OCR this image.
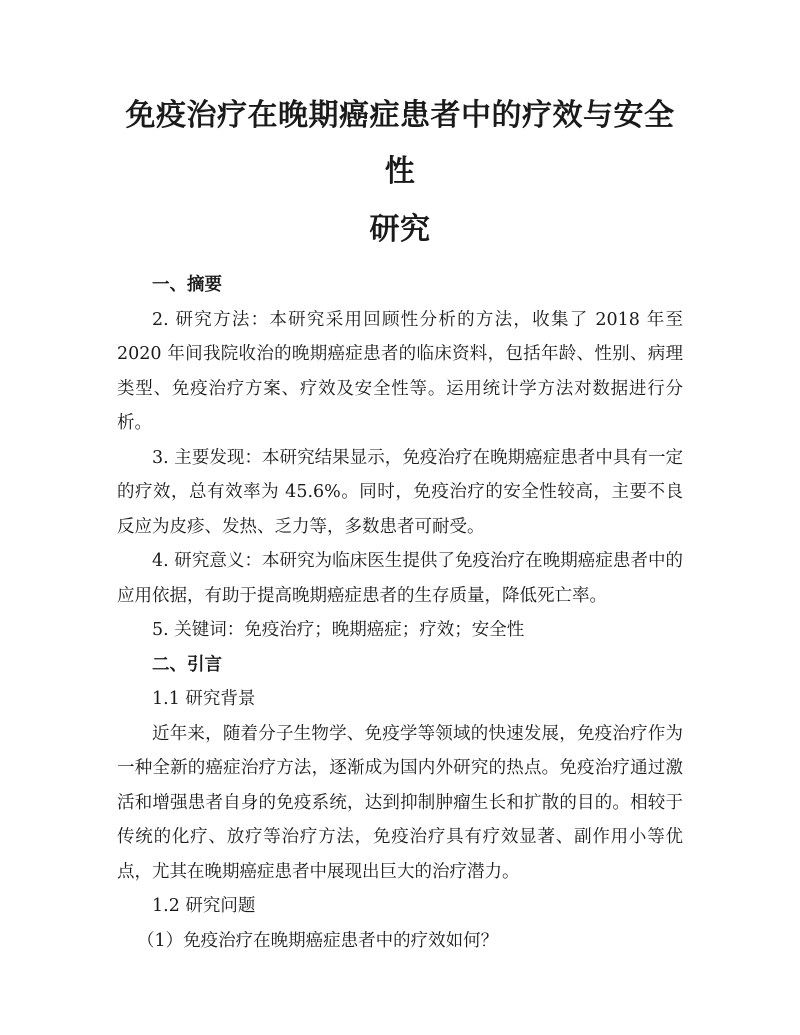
免疫治疗在晚期癌症患者中的疗效与安全性
研究

一、摘要

2. 研究方法：本研究采用回顾性分析的方法，收集了 2018 年至 2020 年间我院收治的晚期癌症患者的临床资料，包括年龄、性别、病理类型、免疫治疗方案、疗效及安全性等。运用统计学方法对数据进行分析。

3. 主要发现：本研究结果显示，免疫治疗在晚期癌症患者中具有一定的疗效，总有效率为 45.6%。同时，免疫治疗的安全性较高，主要不良反应为皮疹、发热、乏力等，多数患者可耐受。

4. 研究意义：本研究为临床医生提供了免疫治疗在晚期癌症患者中的应用依据，有助于提高晚期癌症患者的生存质量，降低死亡率。

5. 关键词：免疫治疗；晚期癌症；疗效；安全性

二、引言

1.1 研究背景

近年来，随着分子生物学、免疫学等领域的快速发展，免疫治疗作为一种全新的癌症治疗方法，逐渐成为国内外研究的热点。免疫治疗通过激活和增强患者自身的免疫系统，达到抑制肿瘤生长和扩散的目的。相较于传统的化疗、放疗等治疗方法，免疫治疗具有疗效显著、副作用小等优点，尤其在晚期癌症患者中展现出巨大的治疗潜力。

1.2 研究问题

（1）免疫治疗在晚期癌症患者中的疗效如何？
